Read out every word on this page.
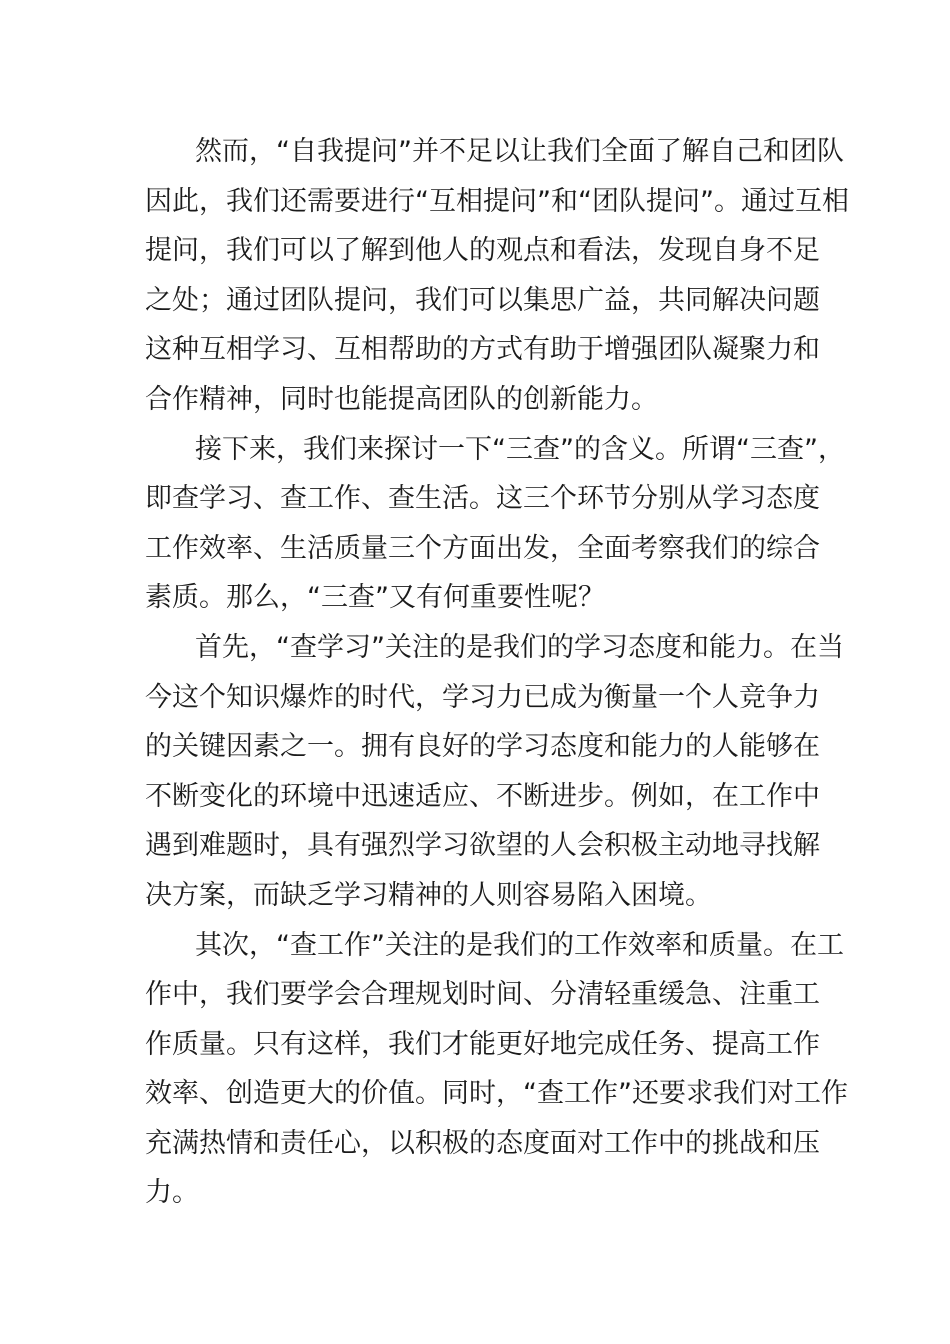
然而，“自我提问”并不足以让我们全面了解自己和团队
因此，我们还需要进行“互相提问”和“团队提问”。通过互相
提问，我们可以了解到他人的观点和看法，发现自身不足
之处；通过团队提问，我们可以集思广益，共同解决问题
这种互相学习、互相帮助的方式有助于增强团队凝聚力和
合作精神，同时也能提高团队的创新能力。
接下来，我们来探讨一下“三查”的含义。所谓“三查”，
即查学习、查工作、查生活。这三个环节分别从学习态度
工作效率、生活质量三个方面出发，全面考察我们的综合
素质。那么，“三查”又有何重要性呢？
首先，“查学习”关注的是我们的学习态度和能力。在当
今这个知识爆炸的时代，学习力已成为衡量一个人竞争力
的关键因素之一。拥有良好的学习态度和能力的人能够在
不断变化的环境中迅速适应、不断进步。例如，在工作中
遇到难题时，具有强烈学习欲望的人会积极主动地寻找解
决方案，而缺乏学习精神的人则容易陷入困境。
其次，“查工作”关注的是我们的工作效率和质量。在工
作中，我们要学会合理规划时间、分清轻重缓急、注重工
作质量。只有这样，我们才能更好地完成任务、提高工作
效率、创造更大的价值。同时，“查工作”还要求我们对工作
充满热情和责任心，以积极的态度面对工作中的挑战和压
力。
